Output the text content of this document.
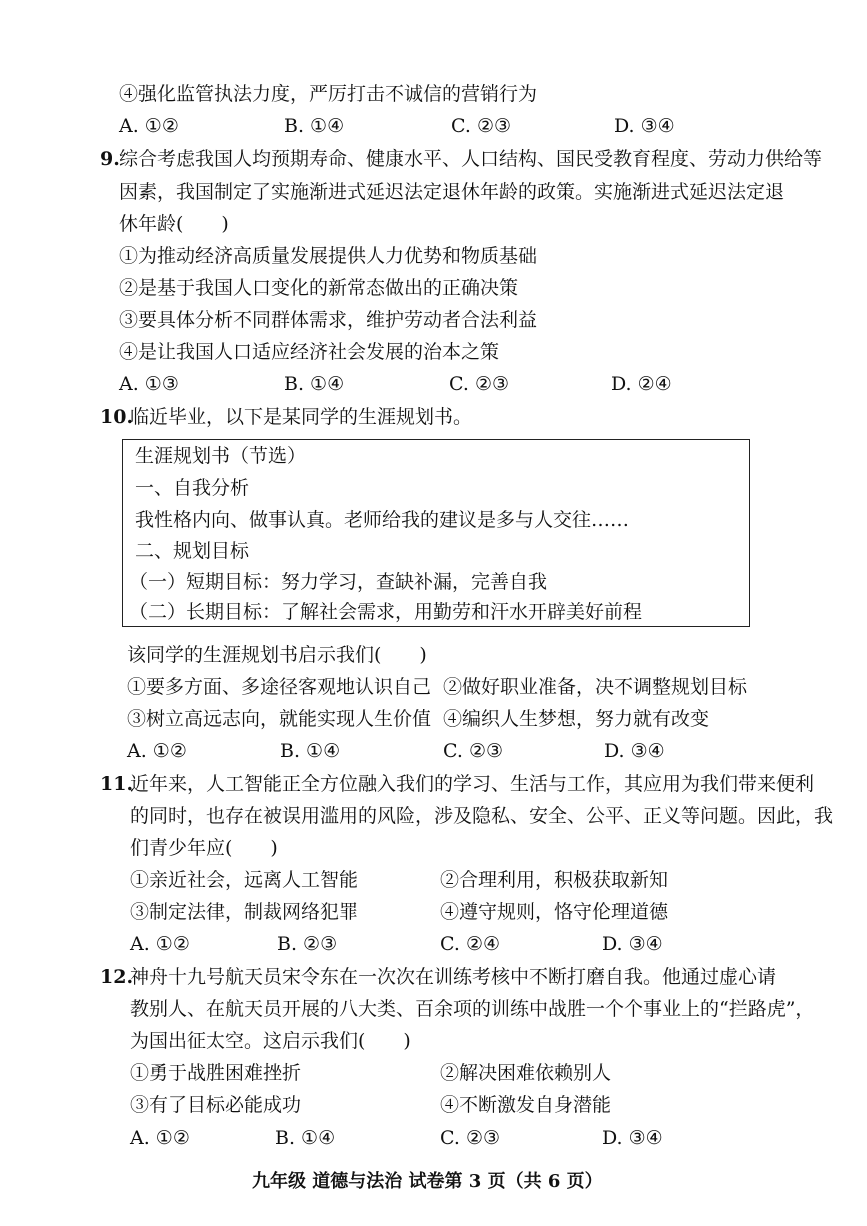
④强化监管执法力度，严厉打击不诚信的营销行为
A. ①②	B. ①④	C. ②③	D. ③④
9. 综合考虑我国人均预期寿命、健康水平、人口结构、国民受教育程度、劳动力供给等
因素，我国制定了实施渐进式延迟法定退休年龄的政策。实施渐进式延迟法定退
休年龄(　　)
①为推动经济高质量发展提供人力优势和物质基础
②是基于我国人口变化的新常态做出的正确决策
③要具体分析不同群体需求，维护劳动者合法利益
④是让我国人口适应经济社会发展的治本之策
A. ①③	B. ①④	C. ②③	D. ②④
10.
临近毕业，以下是某同学的生涯规划书。
生涯规划书（节选）
一、自我分析
我性格内向、做事认真。老师给我的建议是多与人交往……
二、规划目标
（一）短期目标：努力学习，查缺补漏，完善自我
（二）长期目标：了解社会需求，用勤劳和汗水开辟美好前程
该同学的生涯规划书启示我们(　　)
①要多方面、多途径客观地认识自己 ②做好职业准备，决不调整规划目标
③树立高远志向，就能实现人生价值 ④编织人生梦想，努力就有改变
A. ①②	B. ①④	C. ②③	D. ③④
11.
近年来，人工智能正全方位融入我们的学习、生活与工作，其应用为我们带来便利
的同时，也存在被误用滥用的风险，涉及隐私、安全、公平、正义等问题。因此，我
们青少年应(　　)
①亲近社会，远离人工智能	②合理利用，积极获取新知
③制定法律，制裁网络犯罪	④遵守规则，恪守伦理道德
A. ①②	B. ②③	C. ②④	D. ③④
12.
神舟十九号航天员宋令东在一次次在训练考核中不断打磨自我。他通过虚心请
教别人、在航天员开展的八大类、百余项的训练中战胜一个个事业上的“拦路虎”，
为国出征太空。这启示我们(　　)
①勇于战胜困难挫折	②解决困难依赖别人
③有了目标必能成功	④不断激发自身潜能
A. ①②	B. ①④	C. ②③	D. ③④
九年级 道德与法治 试卷第 3 页（共 6 页）
